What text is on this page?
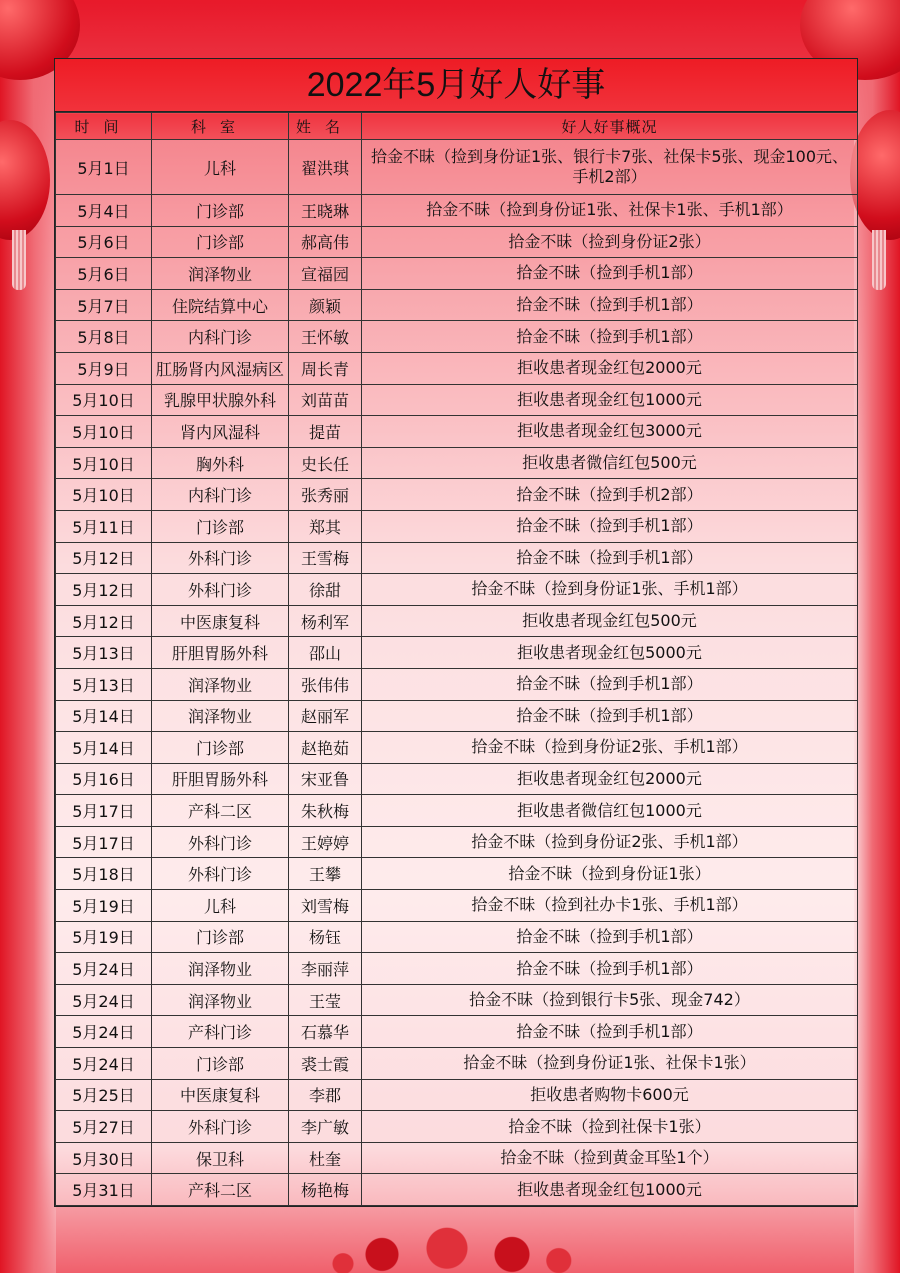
2022年5月好人好事
时间	科室	姓名	好人好事概况
5月1日	儿科	翟洪琪	拾金不昧（捡到身份证1张、银行卡7张、社保卡5张、现金100元、手机2部）
5月4日	门诊部	王晓琳	拾金不昧（捡到身份证1张、社保卡1张、手机1部）
5月6日	门诊部	郝高伟	拾金不昧（捡到身份证2张）
5月6日	润泽物业	宣福园	拾金不昧（捡到手机1部）
5月7日	住院结算中心	颜颖	拾金不昧（捡到手机1部）
5月8日	内科门诊	王怀敏	拾金不昧（捡到手机1部）
5月9日	肛肠肾内风湿病区	周长青	拒收患者现金红包2000元
5月10日	乳腺甲状腺外科	刘苗苗	拒收患者现金红包1000元
5月10日	肾内风湿科	提苗	拒收患者现金红包3000元
5月10日	胸外科	史长任	拒收患者微信红包500元
5月10日	内科门诊	张秀丽	拾金不昧（捡到手机2部）
5月11日	门诊部	郑其	拾金不昧（捡到手机1部）
5月12日	外科门诊	王雪梅	拾金不昧（捡到手机1部）
5月12日	外科门诊	徐甜	拾金不昧（捡到身份证1张、手机1部）
5月12日	中医康复科	杨利军	拒收患者现金红包500元
5月13日	肝胆胃肠外科	邵山	拒收患者现金红包5000元
5月13日	润泽物业	张伟伟	拾金不昧（捡到手机1部）
5月14日	润泽物业	赵丽军	拾金不昧（捡到手机1部）
5月14日	门诊部	赵艳茹	拾金不昧（捡到身份证2张、手机1部）
5月16日	肝胆胃肠外科	宋亚鲁	拒收患者现金红包2000元
5月17日	产科二区	朱秋梅	拒收患者微信红包1000元
5月17日	外科门诊	王婷婷	拾金不昧（捡到身份证2张、手机1部）
5月18日	外科门诊	王攀	拾金不昧（捡到身份证1张）
5月19日	儿科	刘雪梅	拾金不昧（捡到社办卡1张、手机1部）
5月19日	门诊部	杨钰	拾金不昧（捡到手机1部）
5月24日	润泽物业	李丽萍	拾金不昧（捡到手机1部）
5月24日	润泽物业	王莹	拾金不昧（捡到银行卡5张、现金742）
5月24日	产科门诊	石慕华	拾金不昧（捡到手机1部）
5月24日	门诊部	裘士霞	拾金不昧（捡到身份证1张、社保卡1张）
5月25日	中医康复科	李郡	拒收患者购物卡600元
5月27日	外科门诊	李广敏	拾金不昧（捡到社保卡1张）
5月30日	保卫科	杜奎	拾金不昧（捡到黄金耳坠1个）
5月31日	产科二区	杨艳梅	拒收患者现金红包1000元
